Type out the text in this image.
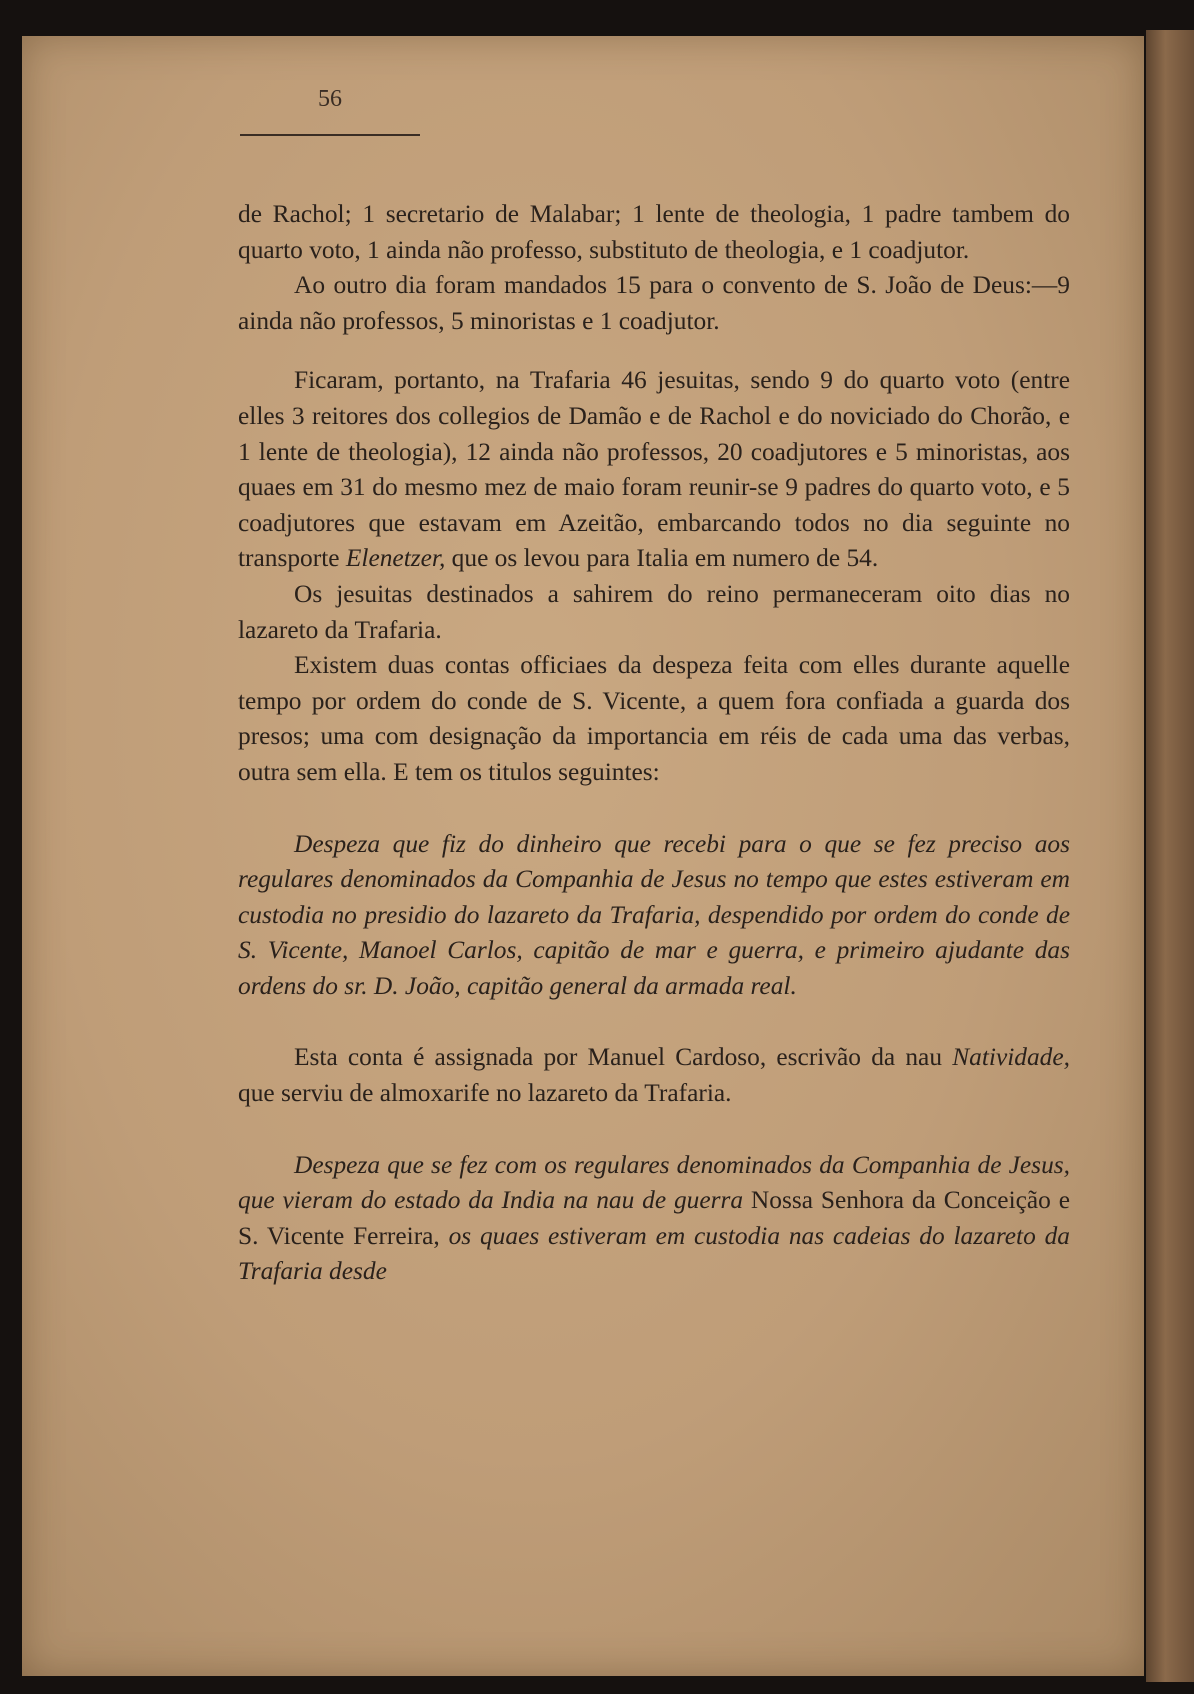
56

de Rachol; 1 secretario de Malabar; 1 lente de theologia, 1 padre tambem do quarto voto, 1 ainda não professo, substituto de theologia, e 1 coadjutor.

Ao outro dia foram mandados 15 para o convento de S. João de Deus:—9 ainda não professos, 5 minoristas e 1 coadjutor.

Ficaram, portanto, na Trafaria 46 jesuitas, sendo 9 do quarto voto (entre elles 3 reitores dos collegios de Damão e de Rachol e do noviciado do Chorão, e 1 lente de theologia), 12 ainda não professos, 20 coadjutores e 5 minoristas, aos quaes em 31 do mesmo mez de maio foram reunir-se 9 padres do quarto voto, e 5 coadjutores que estavam em Azeitão, embarcando todos no dia seguinte no transporte Elenetzer, que os levou para Italia em numero de 54.

Os jesuitas destinados a sahirem do reino permaneceram oito dias no lazareto da Trafaria.

Existem duas contas officiaes da despeza feita com elles durante aquelle tempo por ordem do conde de S. Vicente, a quem fora confiada a guarda dos presos; uma com designação da importancia em réis de cada uma das verbas, outra sem ella. E tem os titulos seguintes:

Despeza que fiz do dinheiro que recebi para o que se fez preciso aos regulares denominados da Companhia de Jesus no tempo que estes estiveram em custodia no presidio do lazareto da Trafaria, despendido por ordem do conde de S. Vicente, Manoel Carlos, capitão de mar e guerra, e primeiro ajudante das ordens do sr. D. João, capitão general da armada real.

Esta conta é assignada por Manuel Cardoso, escrivão da nau Natividade, que serviu de almoxarife no lazareto da Trafaria.

Despeza que se fez com os regulares denominados da Companhia de Jesus, que vieram do estado da India na nau de guerra Nossa Senhora da Conceição e S. Vicente Ferreira, os quaes estiveram em custodia nas cadeias do lazareto da Trafaria desde
